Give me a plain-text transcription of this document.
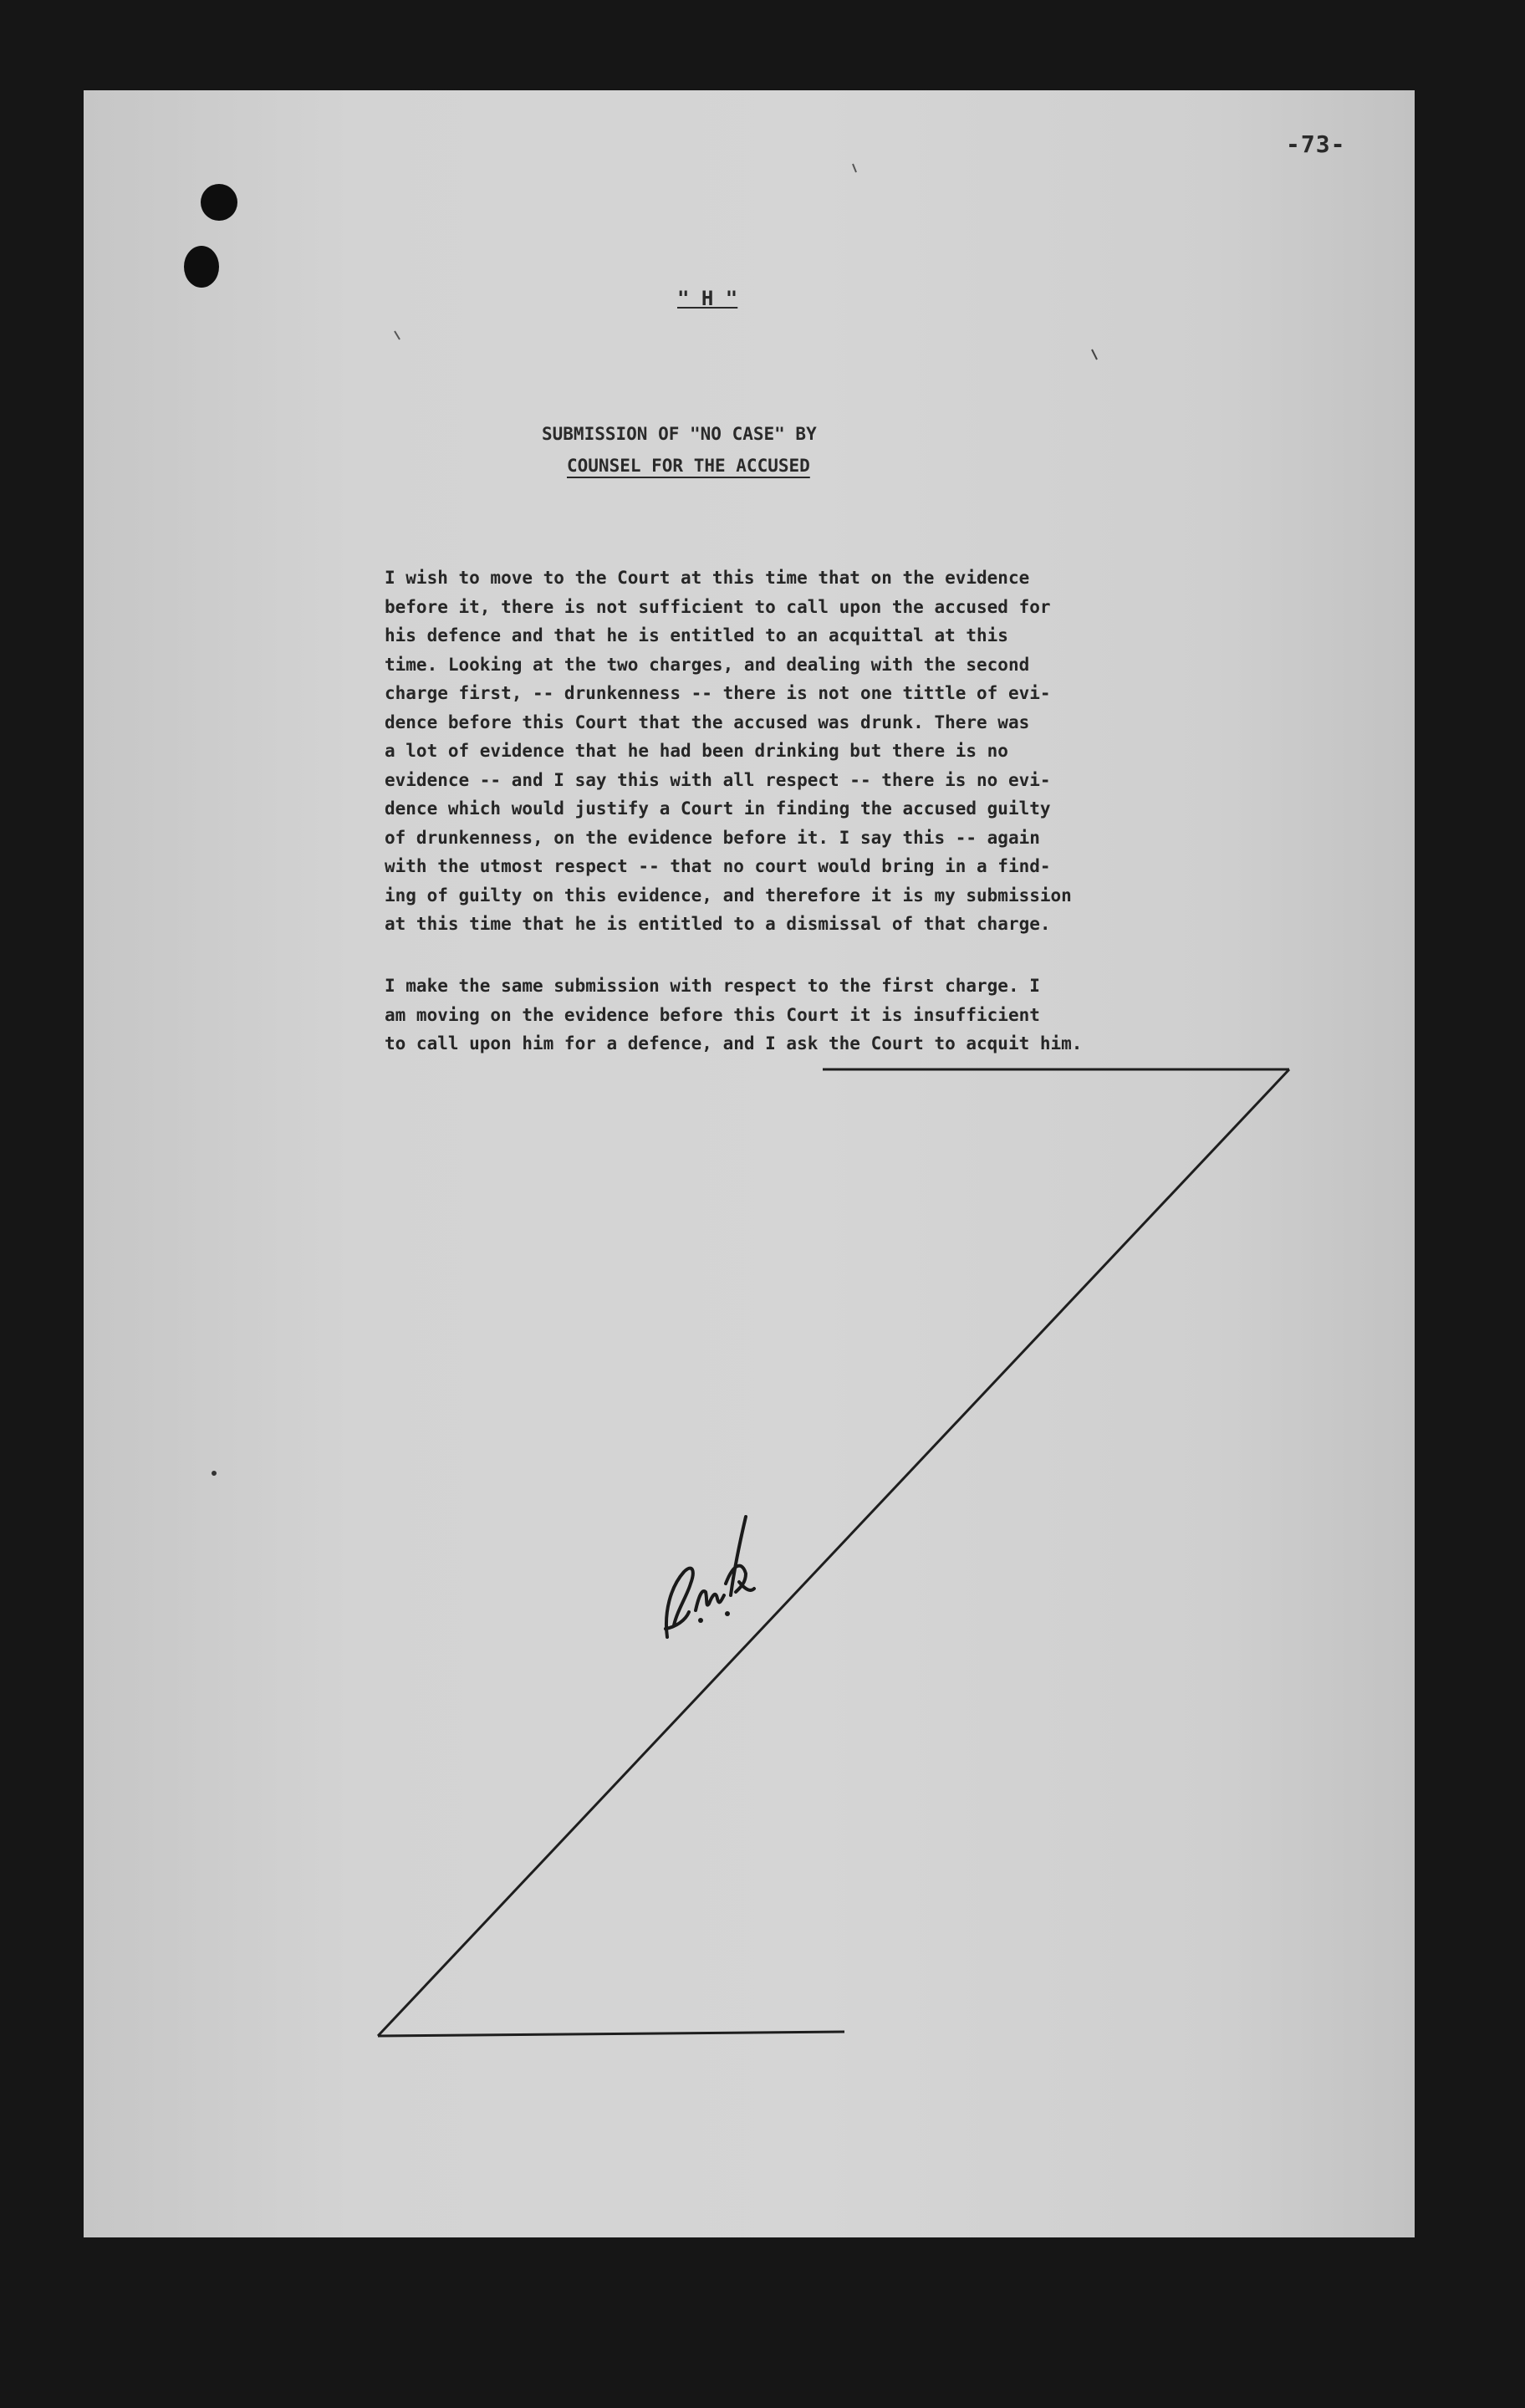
-73-

" H "

SUBMISSION OF "NO CASE" BY
COUNSEL FOR THE ACCUSED
I wish to move to the Court at this time that on the evidence
before it, there is not sufficient to call upon the accused for
his defence and that he is entitled to an acquittal at this
time. Looking at the two charges, and dealing with the second
charge first, -- drunkenness -- there is not one tittle of evi-
dence before this Court that the accused was drunk. There was
a lot of evidence that he had been drinking but there is no
evidence -- and I say this with all respect -- there is no evi-
dence which would justify a Court in finding the accused guilty
of drunkenness, on the evidence before it. I say this -- again
with the utmost respect -- that no court would bring in a find-
ing of guilty on this evidence, and therefore it is my submission
at this time that he is entitled to a dismissal of that charge.
I make the same submission with respect to the first charge. I
am moving on the evidence before this Court it is insufficient
to call upon him for a defence, and I ask the Court to acquit him.
